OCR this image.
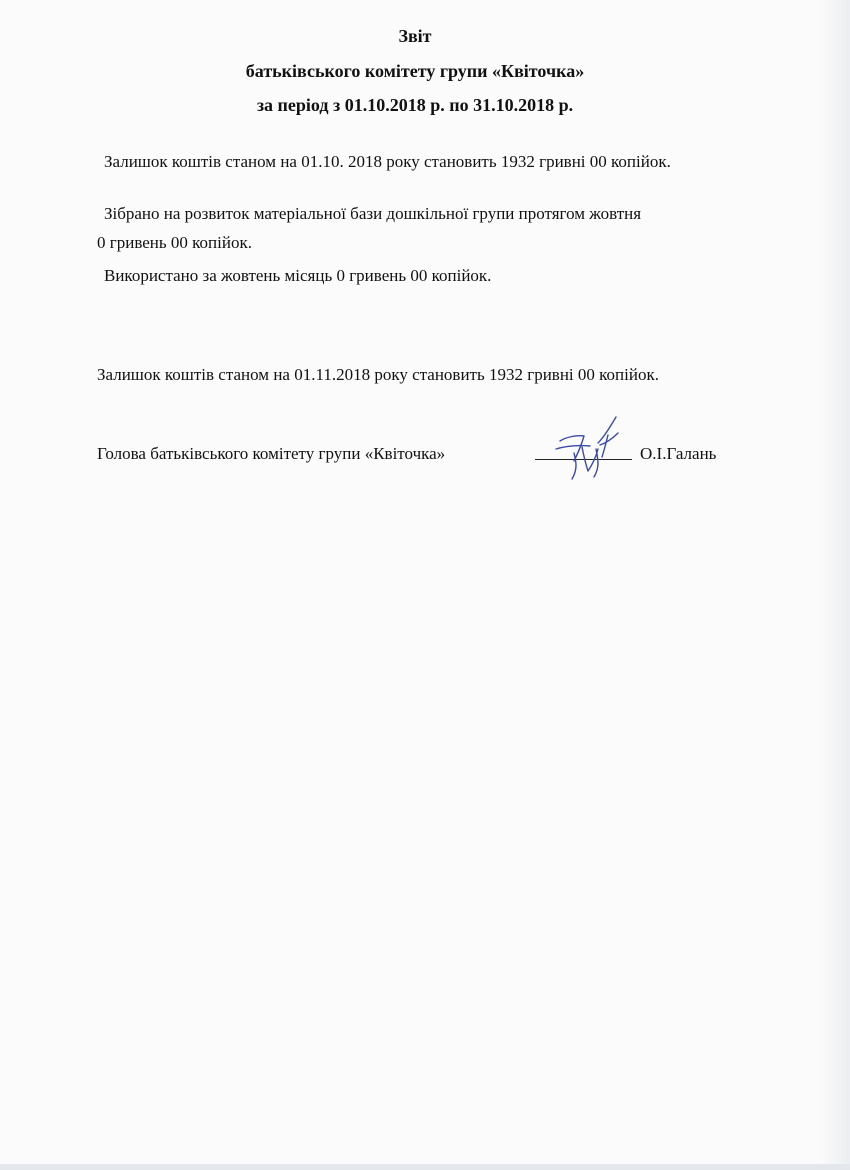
Звіт
батьківського комітету групи «Квіточка»
за період з 01.10.2018 р. по 31.10.2018 р.
Залишок коштів станом на 01.10. 2018 року становить 1932 гривні 00 копійок.
Зібрано на розвиток матеріальної бази дошкільної групи протягом жовтня
0 гривень 00 копійок.
Використано за жовтень місяць 0 гривень 00 копійок.
Залишок коштів станом на 01.11.2018 року становить 1932 гривні 00 копійок.
Голова батьківського комітету групи «Квіточка»	О.І.Галань
